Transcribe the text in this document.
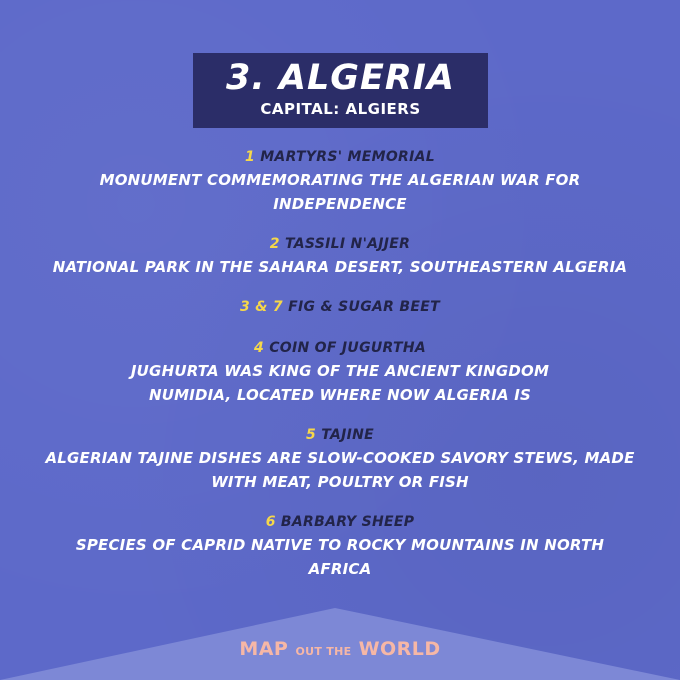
3. ALGERIA
CAPITAL: ALGIERS
1 MARTYRS' MEMORIAL
MONUMENT COMMEMORATING THE ALGERIAN WAR FOR INDEPENDENCE
2 TASSILI N'AJJER
NATIONAL PARK IN THE SAHARA DESERT, SOUTHEASTERN ALGERIA
3 & 7 FIG & SUGAR BEET
4 COIN OF JUGURTHA
JUGHURTA WAS KING OF THE ANCIENT KINGDOM NUMIDIA, LOCATED WHERE NOW ALGERIA IS
5 TAJINE
ALGERIAN TAJINE DISHES ARE SLOW-COOKED SAVORY STEWS, MADE WITH MEAT, POULTRY OR FISH
6 BARBARY SHEEP
SPECIES OF CAPRID NATIVE TO ROCKY MOUNTAINS IN NORTH AFRICA
MAP OUT THE WORLD
